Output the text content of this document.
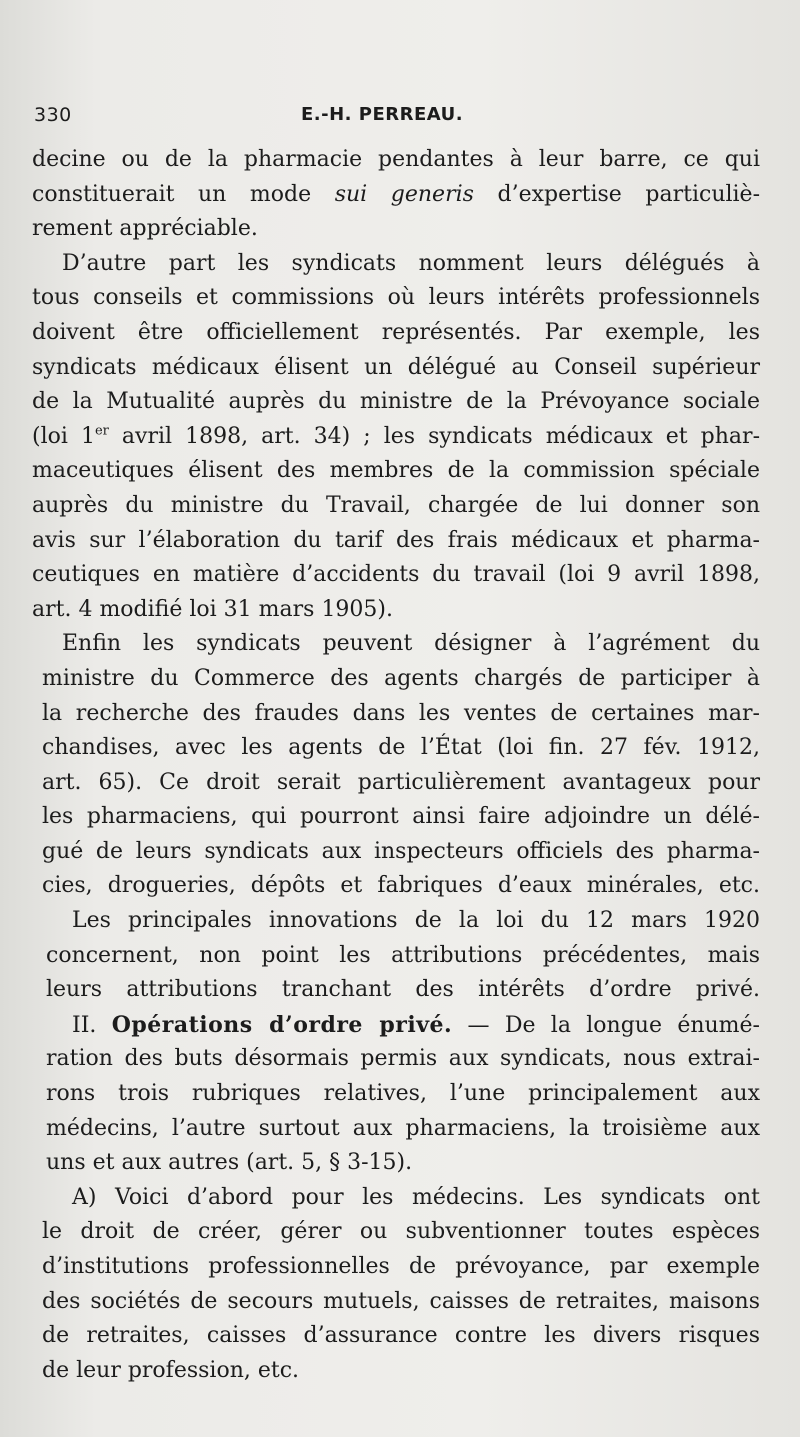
330	E.-H. PERREAU.
decine ou de la pharmacie pendantes à leur barre, ce qui
constituerait un mode sui generis d’expertise particuliè-
rement appréciable.
D’autre part les syndicats nomment leurs délégués à
tous conseils et commissions où leurs intérêts professionnels
doivent être officiellement représentés. Par exemple, les
syndicats médicaux élisent un délégué au Conseil supérieur
de la Mutualité auprès du ministre de la Prévoyance sociale
(loi 1er avril 1898, art. 34) ; les syndicats médicaux et phar-
maceutiques élisent des membres de la commission spéciale
auprès du ministre du Travail, chargée de lui donner son
avis sur l’élaboration du tarif des frais médicaux et pharma-
ceutiques en matière d’accidents du travail (loi 9 avril 1898,
art. 4 modifié loi 31 mars 1905).
Enfin les syndicats peuvent désigner à l’agrément du
ministre du Commerce des agents chargés de participer à
la recherche des fraudes dans les ventes de certaines mar-
chandises, avec les agents de l’État (loi fin. 27 fév. 1912,
art. 65). Ce droit serait particulièrement avantageux pour
les pharmaciens, qui pourront ainsi faire adjoindre un délé-
gué de leurs syndicats aux inspecteurs officiels des pharma-
cies, drogueries, dépôts et fabriques d’eaux minérales, etc.
Les principales innovations de la loi du 12 mars 1920
concernent, non point les attributions précédentes, mais
leurs attributions tranchant des intérêts d’ordre privé.
II. Opérations d’ordre privé. — De la longue énumé-
ration des buts désormais permis aux syndicats, nous extrai-
rons trois rubriques relatives, l’une principalement aux
médecins, l’autre surtout aux pharmaciens, la troisième aux
uns et aux autres (art. 5, § 3-15).
A) Voici d’abord pour les médecins. Les syndicats ont
le droit de créer, gérer ou subventionner toutes espèces
d’institutions professionnelles de prévoyance, par exemple
des sociétés de secours mutuels, caisses de retraites, maisons
de retraites, caisses d’assurance contre les divers risques
de leur profession, etc.
